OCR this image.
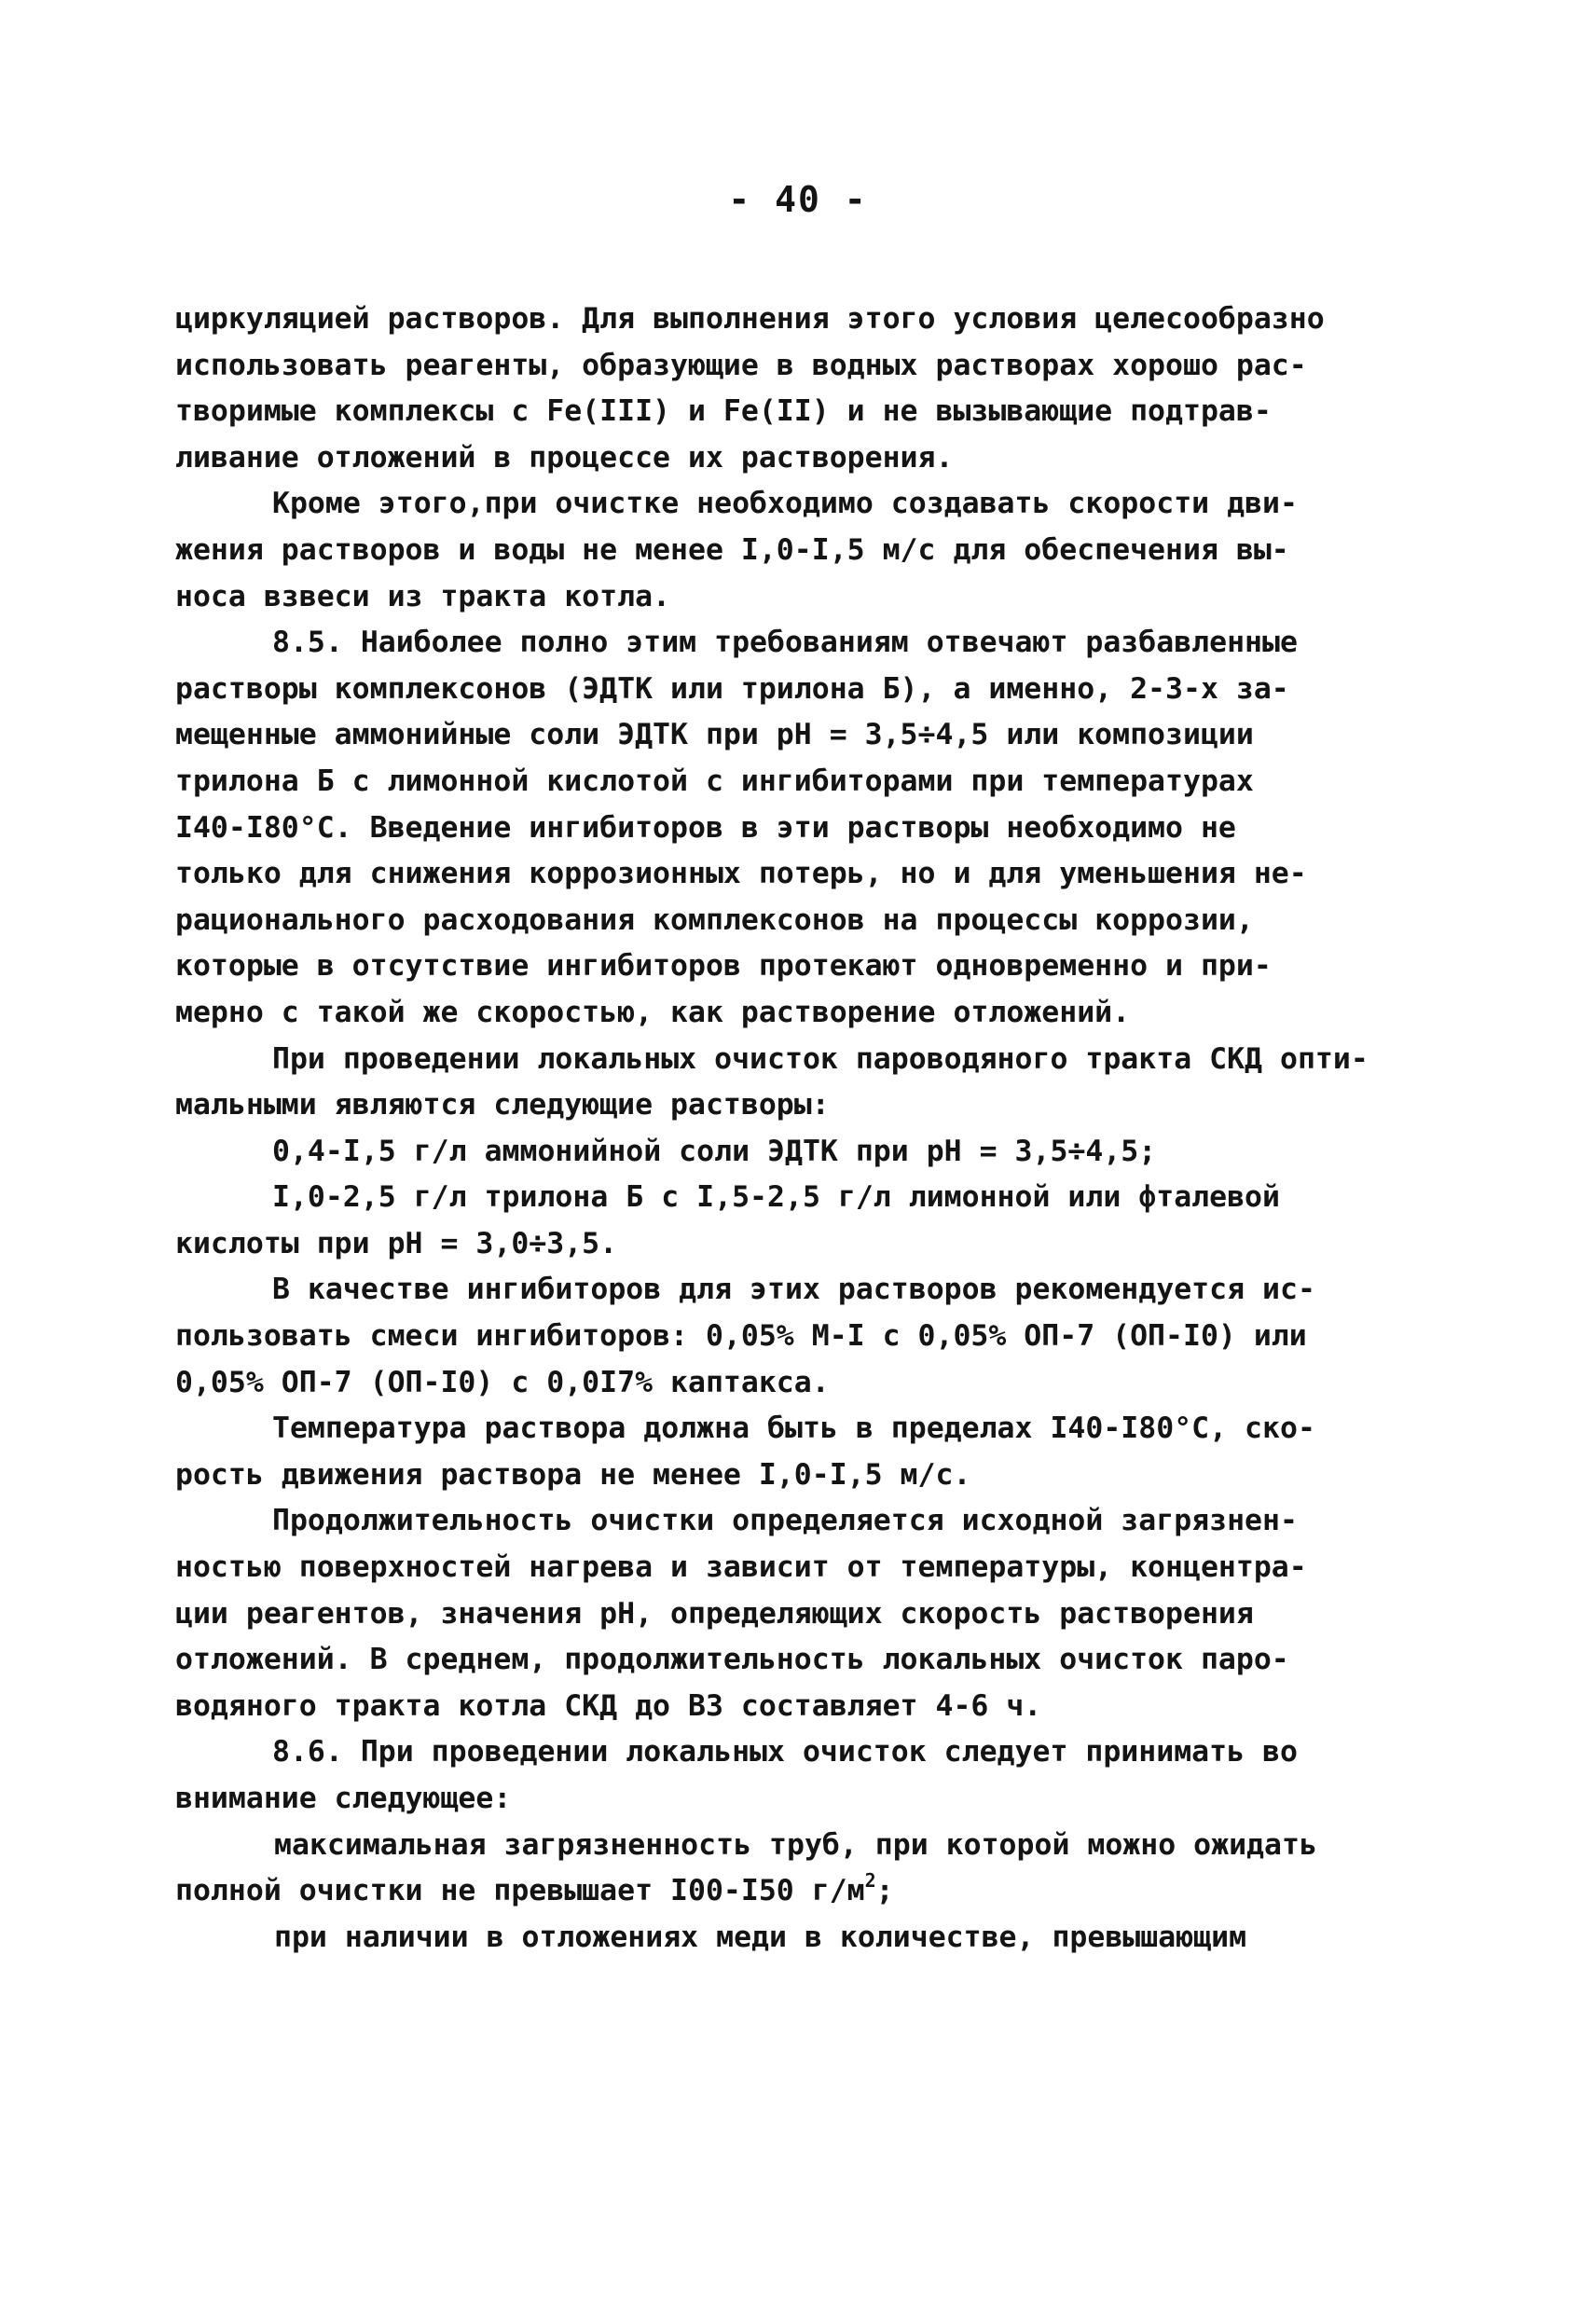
- 40 -
циркуляцией растворов. Для выполнения этого условия целесообразно
использовать реагенты, образующие в водных растворах хорошо рас-
творимые комплексы с Fe(III) и Fe(II) и не вызывающие подтрав-
ливание отложений в процессе их растворения.
Кроме этого,при очистке необходимо создавать скорости дви-
жения растворов и воды не менее I,0-I,5 м/с для обеспечения вы-
носа взвеси из тракта котла.
8.5. Наиболее полно этим требованиям отвечают разбавленные
растворы комплексонов (ЭДТК или трилона Б), а именно, 2-3-х за-
мещенные аммонийные соли ЭДТК при рН = 3,5÷4,5 или композиции
трилона Б с лимонной кислотой с ингибиторами при температурах
I40-I80°С. Введение ингибиторов в эти растворы необходимо не
только для снижения коррозионных потерь, но и для уменьшения не-
рационального расходования комплексонов на процессы коррозии,
которые в отсутствие ингибиторов протекают одновременно и при-
мерно с такой же скоростью, как растворение отложений.
При проведении локальных очисток пароводяного тракта СКД опти-
мальными являются следующие растворы:
0,4-I,5 г/л аммонийной соли ЭДТК при рН = 3,5÷4,5;
I,0-2,5 г/л трилона Б с I,5-2,5 г/л лимонной или фталевой
кислоты при рН = 3,0÷3,5.
В качестве ингибиторов для этих растворов рекомендуется ис-
пользовать смеси ингибиторов: 0,05% М-I с 0,05% ОП-7 (ОП-I0) или
0,05% ОП-7 (ОП-I0) с 0,0I7% каптакса.
Температура раствора должна быть в пределах I40-I80°С, ско-
рость движения раствора не менее I,0-I,5 м/с.
Продолжительность очистки определяется исходной загрязнен-
ностью поверхностей нагрева и зависит от температуры, концентра-
ции реагентов, значения рН, определяющих скорость растворения
отложений. В среднем, продолжительность локальных очисток паро-
водяного тракта котла СКД до ВЗ составляет 4-6 ч.
8.6. При проведении локальных очисток следует принимать во
внимание следующее:
максимальная загрязненность труб, при которой можно ожидать
полной очистки не превышает I00-I50 $г/м^2$;
при наличии в отложениях меди в количестве, превышающим
